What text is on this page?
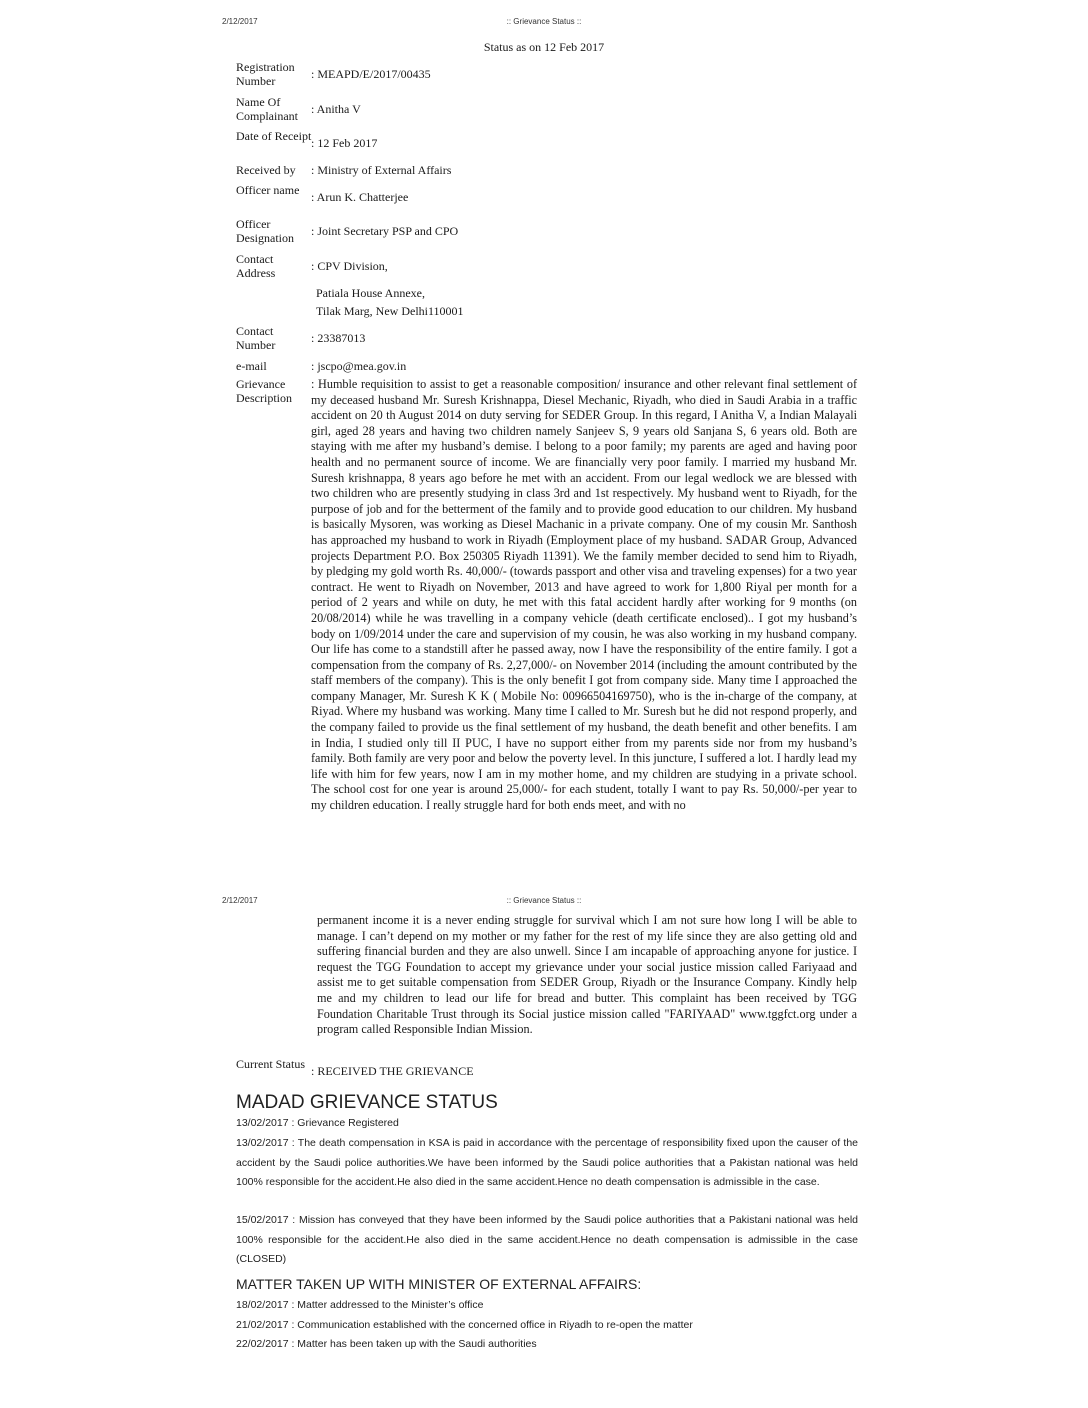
2/12/2017	:: Grievance Status ::
Status as on 12 Feb 2017
Registration Number	: MEAPD/E/2017/00435
Name Of Complainant	: Anitha V
Date of Receipt : 12 Feb 2017
Received by	: Ministry of External Affairs
Officer name : Arun K. Chatterjee
Officer Designation	: Joint Secretary PSP and CPO
Contact Address	: CPV Division,
Patiala House Annexe,
Tilak Marg, New Delhi110001
Contact Number	: 23387013
e-mail	: jscpo@mea.gov.in
Grievance Description
: Humble requisition to assist to get a reasonable composition/ insurance and other relevant final settlement of my deceased husband Mr. Suresh Krishnappa, Diesel Mechanic, Riyadh, who died in Saudi Arabia in a traffic accident on 20 th August 2014 on duty serving for SEDER Group. In this regard, I Anitha V, a Indian Malayali girl, aged 28 years and having two children namely Sanjeev S, 9 years old Sanjana S, 6 years old. Both are staying with me after my husband’s demise. I belong to a poor family; my parents are aged and having poor health and no permanent source of income. We are financially very poor family. I married my husband Mr. Suresh krishnappa, 8 years ago before he met with an accident. From our legal wedlock we are blessed with two children who are presently studying in class 3rd and 1st respectively. My husband went to Riyadh, for the purpose of job and for the betterment of the family and to provide good education to our children. My husband is basically Mysoren, was working as Diesel Machanic in a private company. One of my cousin Mr. Santhosh has approached my husband to work in Riyadh (Employment place of my husband. SADAR Group, Advanced projects Department P.O. Box 250305 Riyadh 11391). We the family member decided to send him to Riyadh, by pledging my gold worth Rs. 40,000/- (towards passport and other visa and traveling expenses) for a two year contract. He went to Riyadh on November, 2013 and have agreed to work for 1,800 Riyal per month for a period of 2 years and while on duty, he met with this fatal accident hardly after working for 9 months (on 20/08/2014) while he was travelling in a company vehicle (death certificate enclosed).. I got my husband’s body on 1/09/2014 under the care and supervision of my cousin, he was also working in my husband company. Our life has come to a standstill after he passed away, now I have the responsibility of the entire family. I got a compensation from the company of Rs. 2,27,000/- on November 2014 (including the amount contributed by the staff members of the company). This is the only benefit I got from company side. Many time I approached the company Manager, Mr. Suresh K K ( Mobile No: 00966504169750), who is the in-charge of the company, at Riyad. Where my husband was working. Many time I called to Mr. Suresh but he did not respond properly, and the company failed to provide us the final settlement of my husband, the death benefit and other benefits. I am in India, I studied only till II PUC, I have no support either from my parents side nor from my husband’s family. Both family are very poor and below the poverty level. In this juncture, I suffered a lot. I hardly lead my life with him for few years, now I am in my mother home, and my children are studying in a private school. The school cost for one year is around 25,000/- for each student, totally I want to pay Rs. 50,000/-per year to my children education. I really struggle hard for both ends meet, and with no
2/12/2017	:: Grievance Status ::
permanent income it is a never ending struggle for survival which I am not sure how long I will be able to manage. I can’t depend on my mother or my father for the rest of my life since they are also getting old and suffering financial burden and they are also unwell. Since I am incapable of approaching anyone for justice. I request the TGG Foundation to accept my grievance under your social justice mission called Fariyaad and assist me to get suitable compensation from SEDER Group, Riyadh or the Insurance Company. Kindly help me and my children to lead our life for bread and butter. This complaint has been received by TGG Foundation Charitable Trust through its Social justice mission called "FARIYAAD" www.tggfct.org under a program called Responsible Indian Mission.
Current Status : RECEIVED THE GRIEVANCE
MADAD GRIEVANCE STATUS
13/02/2017 : Grievance Registered
13/02/2017 : The death compensation in KSA is paid in accordance with the percentage of responsibility fixed upon the causer of the accident by the Saudi police authorities.We have been informed by the Saudi police authorities that a Pakistan national was held 100% responsible for the accident.He also died in the same accident.Hence no death compensation is admissible in the case.
15/02/2017 : Mission has conveyed that they have been informed by the Saudi police authorities that a Pakistani national was held 100% responsible for the accident.He also died in the same accident.Hence no death compensation is admissible in the case (CLOSED)
MATTER TAKEN UP WITH MINISTER OF EXTERNAL AFFAIRS:
18/02/2017 : Matter addressed to the Minister’s office
21/02/2017 : Communication established with the concerned office in Riyadh to re-open the matter
22/02/2017 : Matter has been taken up with the Saudi authorities
